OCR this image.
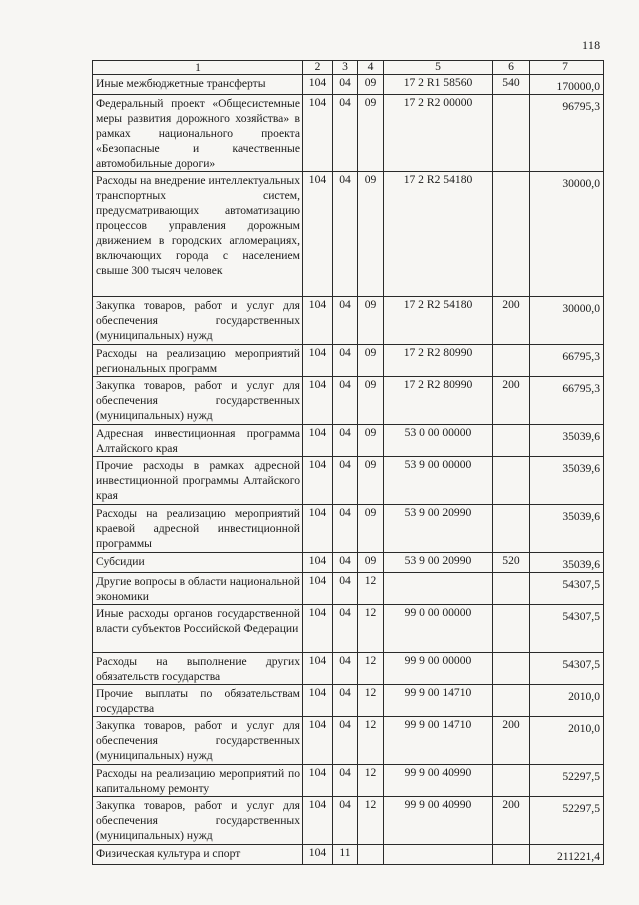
118
1	2	3	4	5	6	7
Иные межбюджетные трансферты	104	04	09	17 2 R1 58560	540	170000,0
Федеральный проект «Общесистемные меры развития дорожного хозяйства» в рамках национального проекта «Безопасные и качественные автомобильные дороги»	104	04	09	17 2 R2 00000		96795,3
Расходы на внедрение интеллектуальных транспортных систем, предусматривающих автоматизацию процессов управления дорожным движением в городских агломерациях, включающих города с населением свыше 300 тысяч человек	104	04	09	17 2 R2 54180		30000,0
Закупка товаров, работ и услуг для обеспечения государственных (муниципальных) нужд	104	04	09	17 2 R2 54180	200	30000,0
Расходы на реализацию мероприятий региональных программ	104	04	09	17 2 R2 80990		66795,3
Закупка товаров, работ и услуг для обеспечения государственных (муниципальных) нужд	104	04	09	17 2 R2 80990	200	66795,3
Адресная инвестиционная программа Алтайского края	104	04	09	53 0 00 00000		35039,6
Прочие расходы в рамках адресной инвестиционной программы Алтайского края	104	04	09	53 9 00 00000		35039,6
Расходы на реализацию мероприятий краевой адресной инвестиционной программы	104	04	09	53 9 00 20990		35039,6
Субсидии	104	04	09	53 9 00 20990	520	35039,6
Другие вопросы в области национальной экономики	104	04	12			54307,5
Иные расходы органов государственной власти субъектов Российской Федерации	104	04	12	99 0 00 00000		54307,5
Расходы на выполнение других обязательств государства	104	04	12	99 9 00 00000		54307,5
Прочие выплаты по обязательствам государства	104	04	12	99 9 00 14710		2010,0
Закупка товаров, работ и услуг для обеспечения государственных (муниципальных) нужд	104	04	12	99 9 00 14710	200	2010,0
Расходы на реализацию мероприятий по капитальному ремонту	104	04	12	99 9 00 40990		52297,5
Закупка товаров, работ и услуг для обеспечения государственных (муниципальных) нужд	104	04	12	99 9 00 40990	200	52297,5
Физическая культура и спорт	104	11				211221,4
